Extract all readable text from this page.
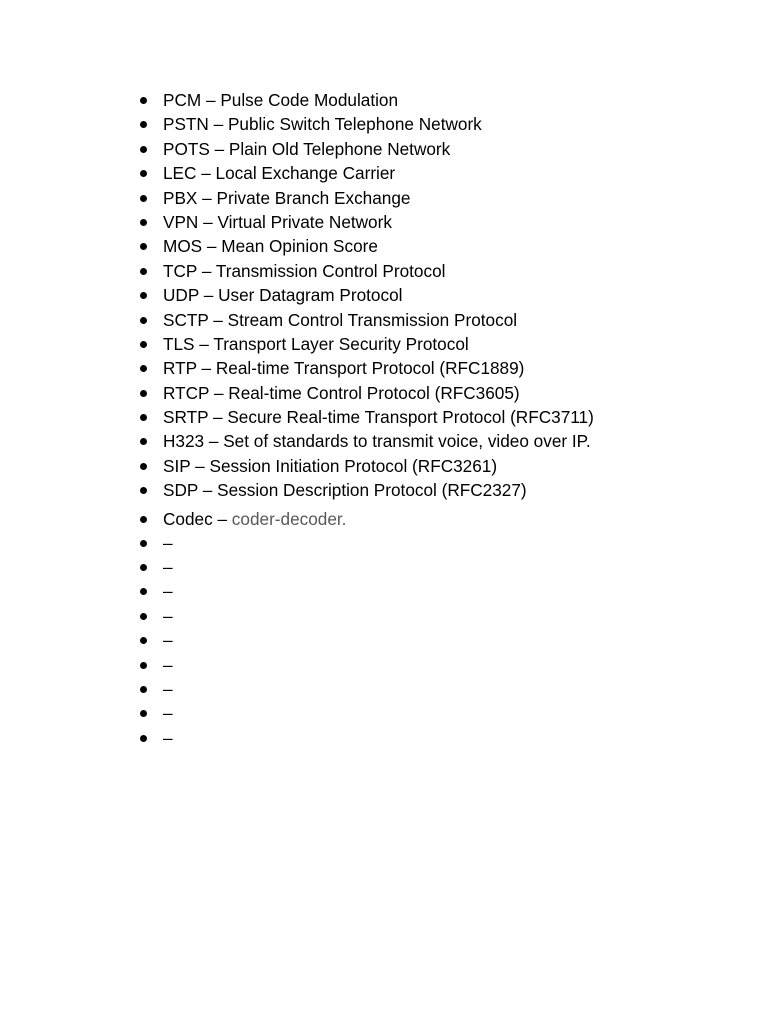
PCM – Pulse Code Modulation
PSTN – Public Switch Telephone Network
POTS – Plain Old Telephone Network
LEC – Local Exchange Carrier
PBX – Private Branch Exchange
VPN – Virtual Private Network
MOS – Mean Opinion Score
TCP – Transmission Control Protocol
UDP – User Datagram Protocol
SCTP – Stream Control Transmission Protocol
TLS – Transport Layer Security Protocol
RTP – Real-time Transport Protocol (RFC1889)
RTCP – Real-time Control Protocol (RFC3605)
SRTP – Secure Real-time Transport Protocol (RFC3711)
H323 – Set of standards to transmit voice, video over IP.
SIP – Session Initiation Protocol (RFC3261)
SDP – Session Description Protocol (RFC2327)
Codec – coder-decoder.
–
–
–
–
–
–
–
–
–
